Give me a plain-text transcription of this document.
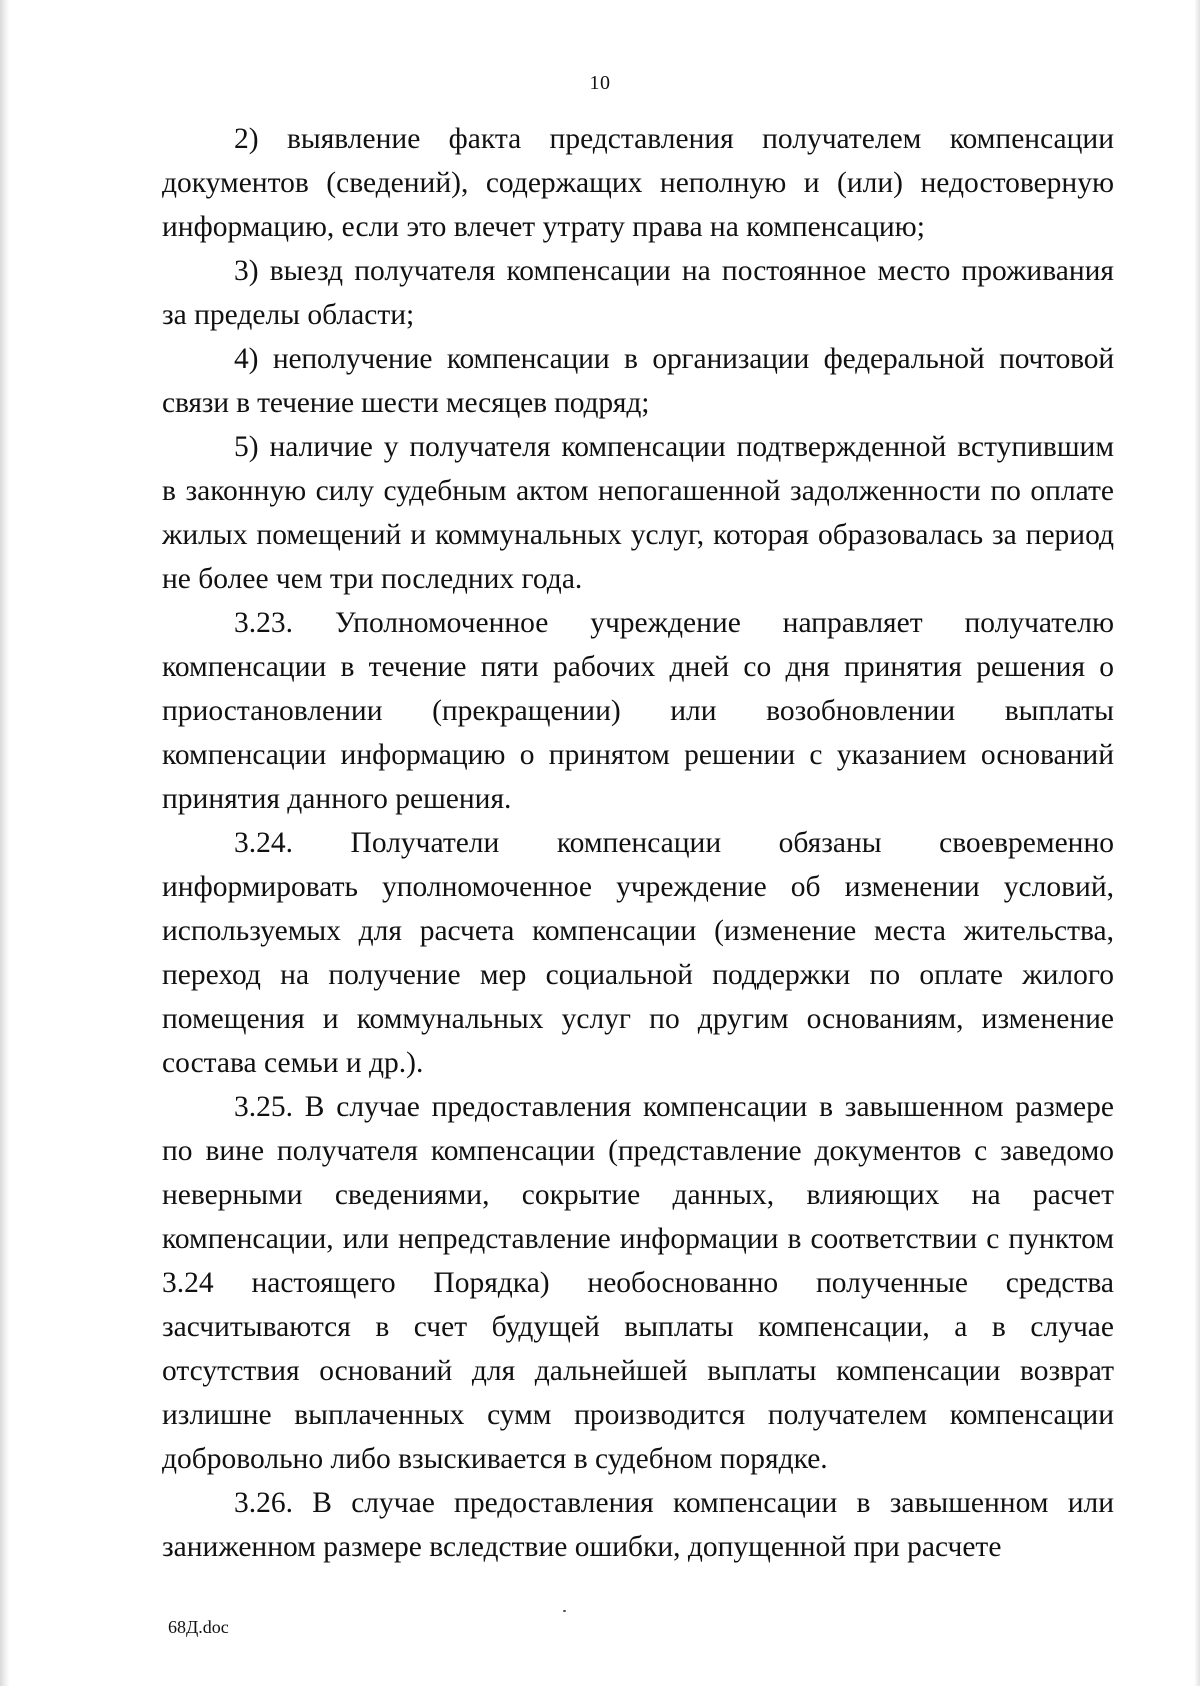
10

2) выявление факта представления получателем компенсации документов (сведений), содержащих неполную и (или) недостоверную информацию, если это влечет утрату права на компенсацию;

3) выезд получателя компенсации на постоянное место проживания за пределы области;

4) неполучение компенсации в организации федеральной почтовой связи в течение шести месяцев подряд;

5) наличие у получателя компенсации подтвержденной вступившим в законную силу судебным актом непогашенной задолженности по оплате жилых помещений и коммунальных услуг, которая образовалась за период не более чем три последних года.

3.23. Уполномоченное учреждение направляет получателю компенсации в течение пяти рабочих дней со дня принятия решения о приостановлении (прекращении) или возобновлении выплаты компенсации информацию о принятом решении с указанием оснований принятия данного решения.

3.24. Получатели компенсации обязаны своевременно информировать уполномоченное учреждение об изменении условий, используемых для расчета компенсации (изменение места жительства, переход на получение мер социальной поддержки по оплате жилого помещения и коммунальных услуг по другим основаниям, изменение состава семьи и др.).

3.25. В случае предоставления компенсации в завышенном размере по вине получателя компенсации (представление документов с заведомо неверными сведениями, сокрытие данных, влияющих на расчет компенсации, или непредставление информации в соответствии с пунктом 3.24 настоящего Порядка) необоснованно полученные средства засчитываются в счет будущей выплаты компенсации, а в случае отсутствия оснований для дальнейшей выплаты компенсации возврат излишне выплаченных сумм производится получателем компенсации добровольно либо взыскивается в судебном порядке.

3.26. В случае предоставления компенсации в завышенном или заниженном размере вследствие ошибки, допущенной при расчете

68Д.doc
